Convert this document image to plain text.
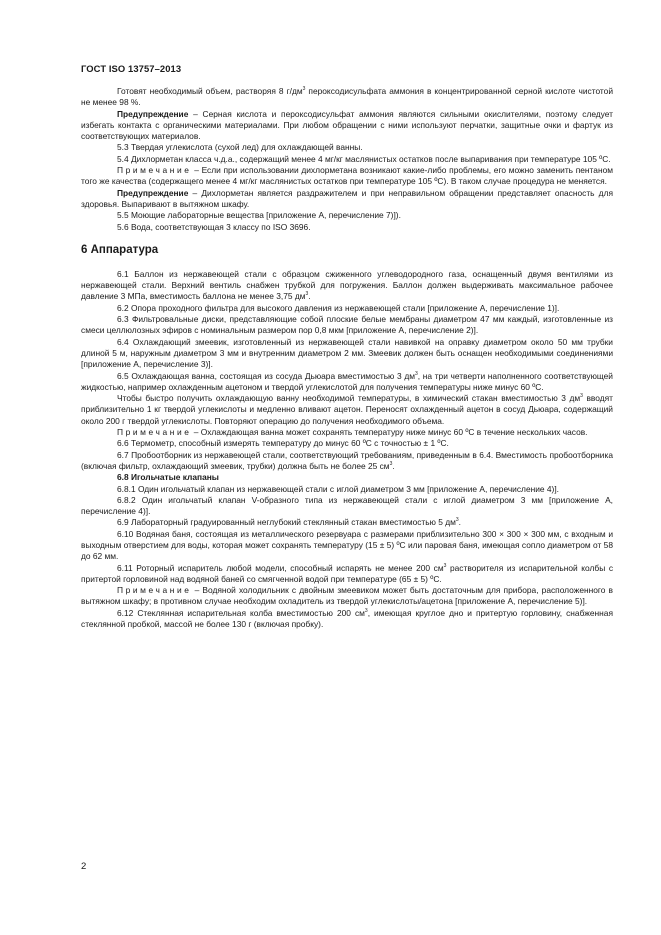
ГОСТ ISO 13757–2013

Готовят необходимый объем, растворяя 8 $г/дм^3$ пероксодисульфата аммония в концентрированной серной кислоте чистотой не менее 98 %.

Предупреждение – Серная кислота и пероксодисульфат аммония являются сильными окислителями, поэтому следует избегать контакта с органическими материалами. При любом обращении с ними используют перчатки, защитные очки и фартук из соответствующих материалов.

5.3 Твердая углекислота (сухой лед) для охлаждающей ванны.

5.4 Дихлорметан класса ч.д.а., содержащий менее 4 мг/кг маслянистых остатков после выпаривания при температуре 105 ºС.

Примечание – Если при использовании дихлорметана возникают какие-либо проблемы, его можно заменить пентаном того же качества (содержащего менее 4 мг/кг маслянистых остатков при температуре 105 ºС). В таком случае процедура не меняется.

Предупреждение – Дихлорметан является раздражителем и при неправильном обращении представляет опасность для здоровья. Выпаривают в вытяжном шкафу.

5.5 Моющие лабораторные вещества [приложение А, перечисление 7)]).

5.6 Вода, соответствующая 3 классу по ISO 3696.

6 Аппаратура

6.1 Баллон из нержавеющей стали с образцом сжиженного углеводородного газа, оснащенный двумя вентилями из нержавеющей стали. Верхний вентиль снабжен трубкой для погружения. Баллон должен выдерживать максимальное рабочее давление 3 МПа, вместимость баллона не менее 3,75 $дм^3$.

6.2 Опора проходного фильтра для высокого давления из нержавеющей стали [приложение А, перечисление 1)].

6.3 Фильтровальные диски, представляющие собой плоские белые мембраны диаметром 47 мм каждый, изготовленные из смеси целлюлозных эфиров с номинальным размером пор 0,8 мкм [приложение А, перечисление 2)].

6.4 Охлаждающий змеевик, изготовленный из нержавеющей стали навивкой на оправку диаметром около 50 мм трубки длиной 5 м, наружным диаметром 3 мм и внутренним диаметром 2 мм. Змеевик должен быть оснащен необходимыми соединениями [приложение А, перечисление 3)].

6.5 Охлаждающая ванна, состоящая из сосуда Дьюара вместимостью 3 $дм^3$, на три четверти наполненного соответствующей жидкостью, например охлажденным ацетоном и твердой углекислотой для получения температуры ниже минус 60 ºС.

Чтобы быстро получить охлаждающую ванну необходимой температуры, в химический стакан вместимостью 3 $дм^3$ вводят приблизительно 1 кг твердой углекислоты и медленно вливают ацетон. Переносят охлажденный ацетон в сосуд Дьюара, содержащий около 200 г твердой углекислоты. Повторяют операцию до получения необходимого объема.

Примечание – Охлаждающая ванна может сохранять температуру ниже минус 60 ºС в течение нескольких часов.

6.6 Термометр, способный измерять температуру до минус 60 ºС с точностью ± 1 ºС.

6.7 Пробоотборник из нержавеющей стали, соответствующий требованиям, приведенным в 6.4. Вместимость пробоотборника (включая фильтр, охлаждающий змеевик, трубки) должна быть не более 25 $см^3$.

6.8 Игольчатые клапаны

6.8.1 Один игольчатый клапан из нержавеющей стали с иглой диаметром 3 мм [приложение А, перечисление 4)].

6.8.2 Один игольчатый клапан V-образного типа из нержавеющей стали с иглой диаметром 3 мм [приложение А, перечисление 4)].

6.9 Лабораторный градуированный неглубокий стеклянный стакан вместимостью 5 $дм^3$.

6.10 Водяная баня, состоящая из металлического резервуара с размерами приблизительно 300 × 300 × 300 мм, с входным и выходным отверстием для воды, которая может сохранять температуру (15 ± 5) ºС или паровая баня, имеющая сопло диаметром от 58 до 62 мм.

6.11 Роторный испаритель любой модели, способный испарять не менее 200 $см^3$ растворителя из испарительной колбы с притертой горловиной над водяной баней со смягченной водой при температуре (65 ± 5) ºС.

Примечание – Водяной холодильник с двойным змеевиком может быть достаточным для прибора, расположенного в вытяжном шкафу; в противном случае необходим охладитель из твердой углекислоты/ацетона [приложение А, перечисление 5)].

6.12 Стеклянная испарительная колба вместимостью 200 $см^3$, имеющая круглое дно и притертую горловину, снабженная стеклянной пробкой, массой не более 130 г (включая пробку).

2
